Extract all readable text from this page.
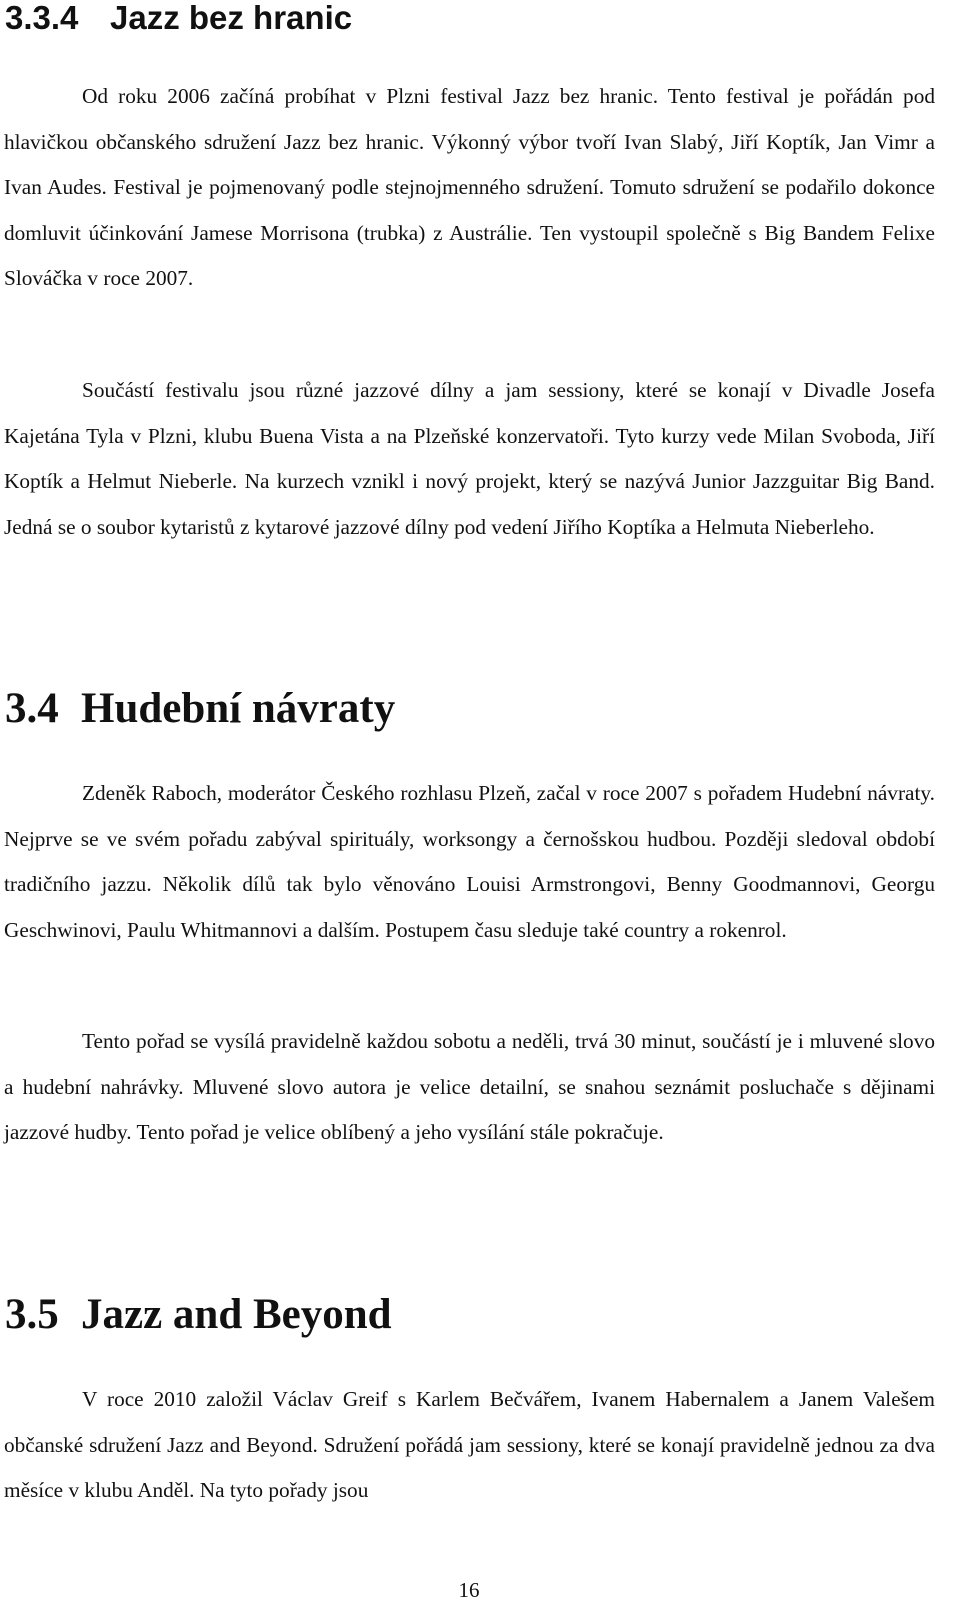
3.3.4 Jazz bez hranic

Od roku 2006 začíná probíhat v Plzni festival Jazz bez hranic. Tento festival je pořádán pod hlavičkou občanského sdružení Jazz bez hranic. Výkonný výbor tvoří Ivan Slabý, Jiří Koptík, Jan Vimr a Ivan Audes. Festival je pojmenovaný podle stejnojmenného sdružení. Tomuto sdružení se podařilo dokonce domluvit účinkování Jamese Morrisona (trubka) z Austrálie. Ten vystoupil společně s Big Bandem Felixe Slováčka v roce 2007.

Součástí festivalu jsou různé jazzové dílny a jam sessiony, které se konají v Divadle Josefa Kajetána Tyla v Plzni, klubu Buena Vista a na Plzeňské konzervatoři. Tyto kurzy vede Milan Svoboda, Jiří Koptík a Helmut Nieberle. Na kurzech vznikl i nový projekt, který se nazývá Junior Jazzguitar Big Band. Jedná se o soubor kytaristů z kytarové jazzové dílny pod vedení Jiřího Koptíka a Helmuta Nieberleho.

3.4 Hudební návraty

Zdeněk Raboch, moderátor Českého rozhlasu Plzeň, začal v roce 2007 s pořadem Hudební návraty. Nejprve se ve svém pořadu zabýval spirituály, worksongy a černošskou hudbou. Později sledoval období tradičního jazzu. Několik dílů tak bylo věnováno Louisi Armstrongovi, Benny Goodmannovi, Georgu Geschwinovi, Paulu Whitmannovi a dalším. Postupem času sleduje také country a rokenrol.

Tento pořad se vysílá pravidelně každou sobotu a neděli, trvá 30 minut, součástí je i mluvené slovo a hudební nahrávky. Mluvené slovo autora je velice detailní, se snahou seznámit posluchače s dějinami jazzové hudby. Tento pořad je velice oblíbený a jeho vysílání stále pokračuje.

3.5 Jazz and Beyond

V roce 2010 založil Václav Greif s Karlem Bečvářem, Ivanem Habernalem a Janem Valešem občanské sdružení Jazz and Beyond. Sdružení pořádá jam sessiony, které se konají pravidelně jednou za dva měsíce v klubu Anděl. Na tyto pořady jsou

16
